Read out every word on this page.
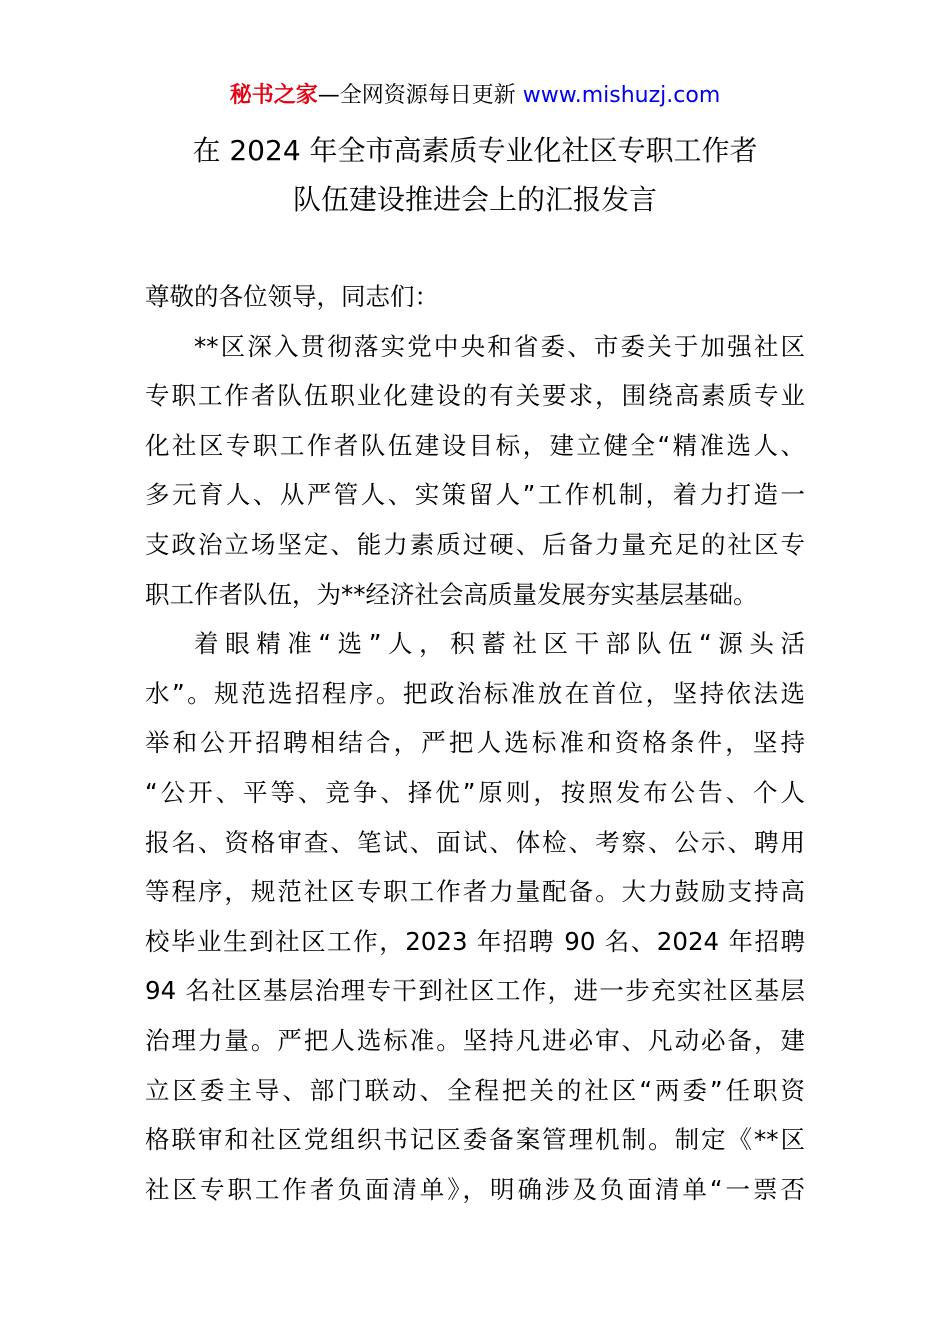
秘书之家—全网资源每日更新 www.mishuzj.com
在 2024 年全市高素质专业化社区专职工作者
队伍建设推进会上的汇报发言
尊敬的各位领导，同志们：
**区深入贯彻落实党中央和省委、市委关于加强社区
专职工作者队伍职业化建设的有关要求，围绕高素质专业
化社区专职工作者队伍建设目标，建立健全“精准选人、
多元育人、从严管人、实策留人”工作机制，着力打造一
支政治立场坚定、能力素质过硬、后备力量充足的社区专
职工作者队伍，为**经济社会高质量发展夯实基层基础。
着眼精准“选”人，积蓄社区干部队伍“源头活
水”。规范选招程序。把政治标准放在首位，坚持依法选
举和公开招聘相结合，严把人选标准和资格条件，坚持
“公开、平等、竞争、择优”原则，按照发布公告、个人
报名、资格审查、笔试、面试、体检、考察、公示、聘用
等程序，规范社区专职工作者力量配备。大力鼓励支持高
校毕业生到社区工作，2023 年招聘 90 名、2024 年招聘
94 名社区基层治理专干到社区工作，进一步充实社区基层
治理力量。严把人选标准。坚持凡进必审、凡动必备，建
立区委主导、部门联动、全程把关的社区“两委”任职资
格联审和社区党组织书记区委备案管理机制。制定《**区
社区专职工作者负面清单》，明确涉及负面清单“一票否
